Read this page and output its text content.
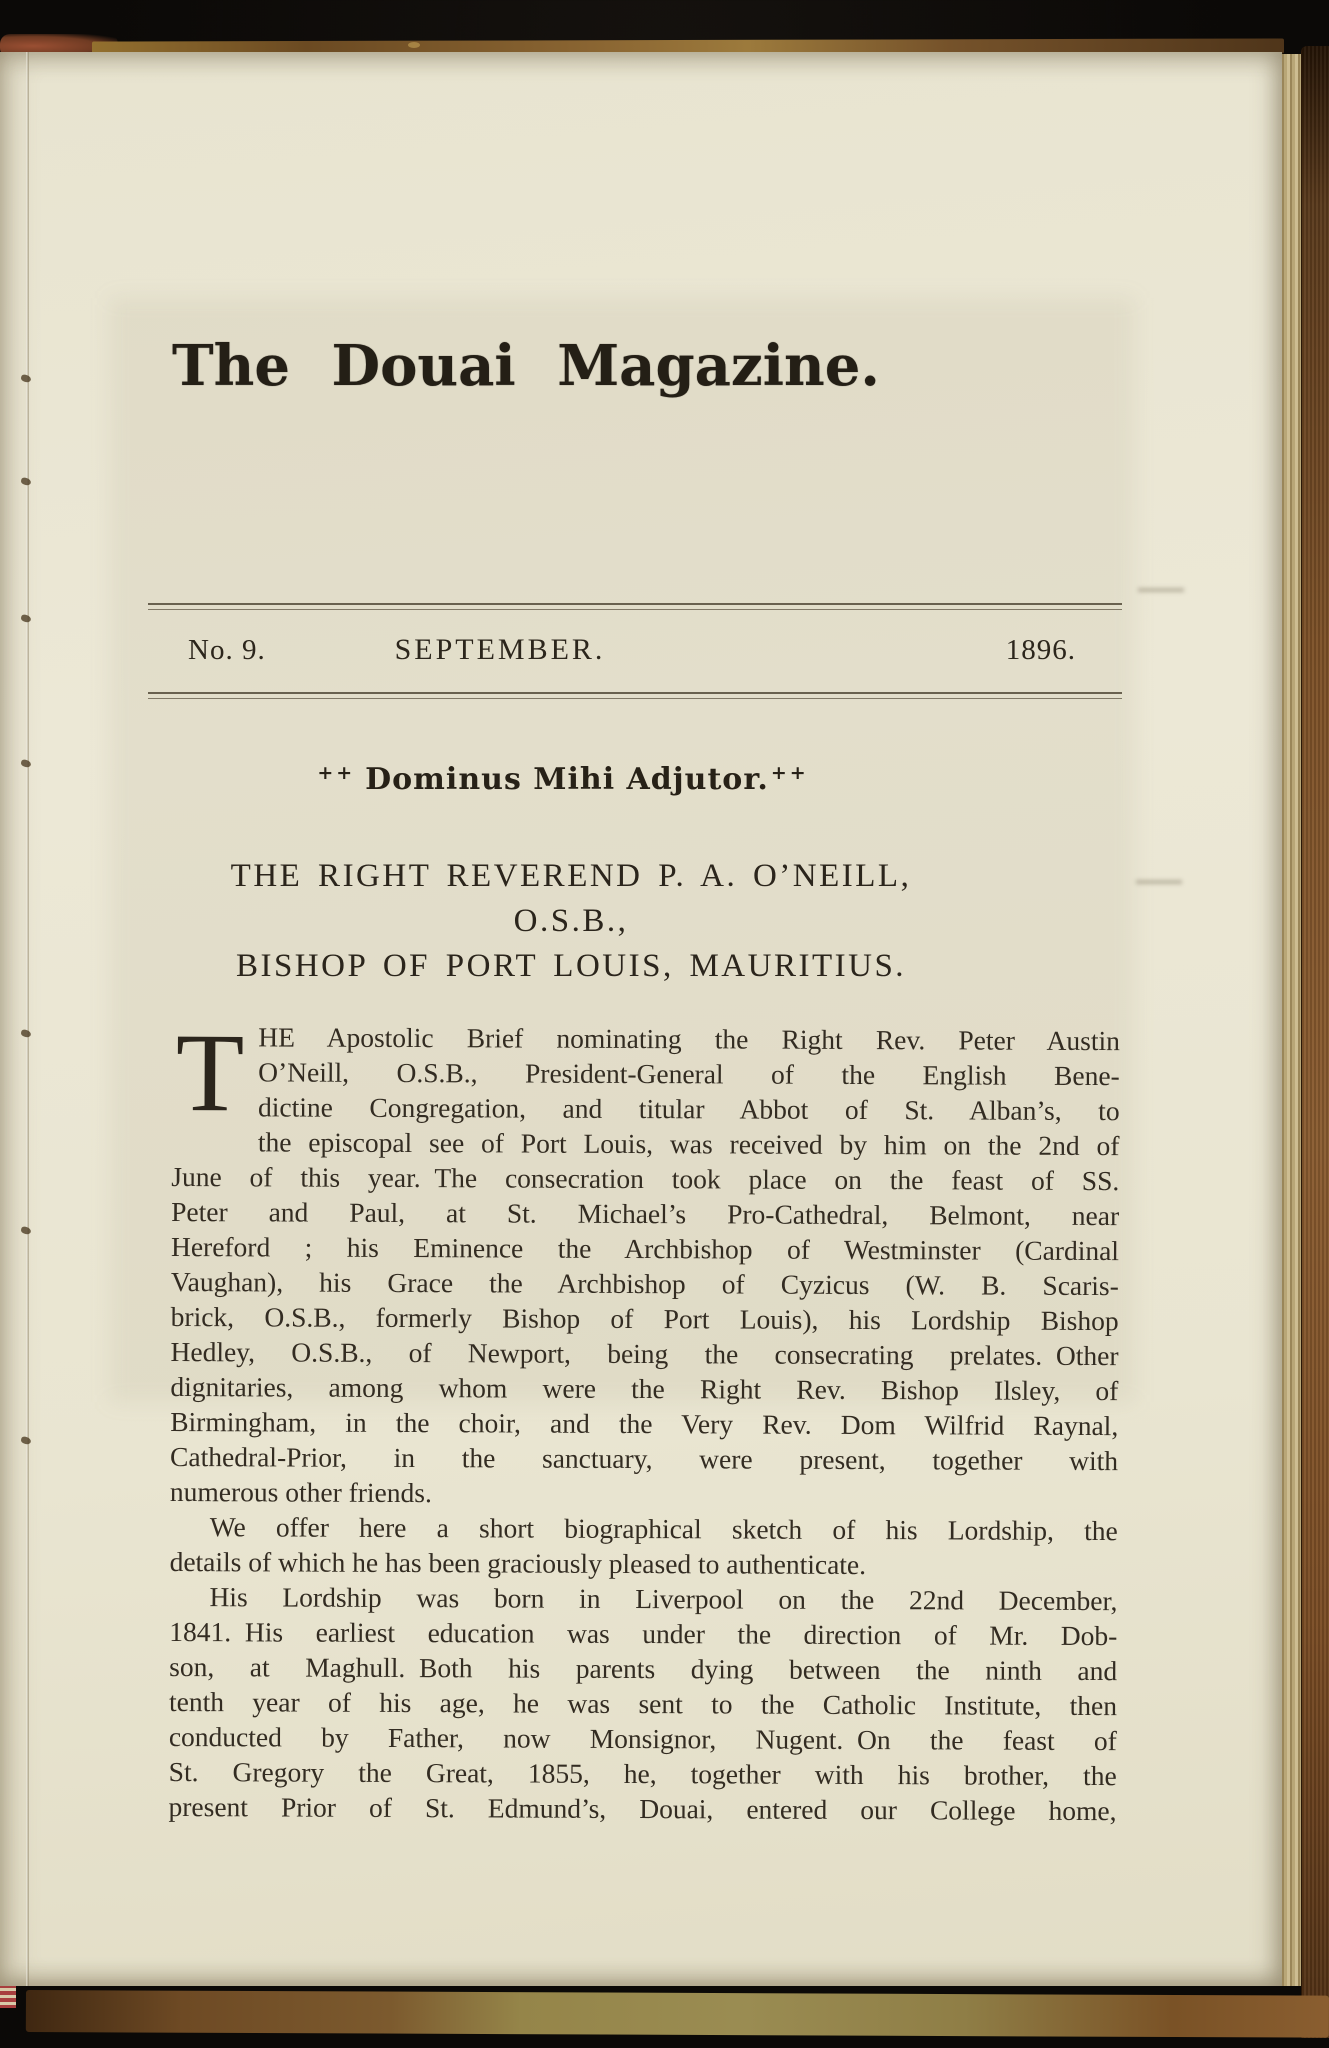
The Douai Magazine.
No. 9.	SEPTEMBER.	1896.
++ Dominus Mihi Adjutor. ++
THE RIGHT REVEREND P. A. O’NEILL, O.S.B.,
BISHOP OF PORT LOUIS, MAURITIUS.
T HE Apostolic Brief nominating the Right Rev. Peter Austin
O’Neill, O.S.B., President-General of the English Bene-
dictine Congregation, and titular Abbot of St. Alban’s, to
the episcopal see of Port Louis, was received by him on the 2nd of
June of this year. The consecration took place on the feast of SS.
Peter and Paul, at St. Michael’s Pro-Cathedral, Belmont, near
Hereford ; his Eminence the Archbishop of Westminster (Cardinal
Vaughan), his Grace the Archbishop of Cyzicus (W. B. Scaris-
brick, O.S.B., formerly Bishop of Port Louis), his Lordship Bishop
Hedley, O.S.B., of Newport, being the consecrating prelates. Other
dignitaries, among whom were the Right Rev. Bishop Ilsley, of
Birmingham, in the choir, and the Very Rev. Dom Wilfrid Raynal,
Cathedral-Prior, in the sanctuary, were present, together with
numerous other friends.
We offer here a short biographical sketch of his Lordship, the
details of which he has been graciously pleased to authenticate.
His Lordship was born in Liverpool on the 22nd December,
1841. His earliest education was under the direction of Mr. Dob-
son, at Maghull. Both his parents dying between the ninth and
tenth year of his age, he was sent to the Catholic Institute, then
conducted by Father, now Monsignor, Nugent. On the feast of
St. Gregory the Great, 1855, he, together with his brother, the
present Prior of St. Edmund’s, Douai, entered our College home,
